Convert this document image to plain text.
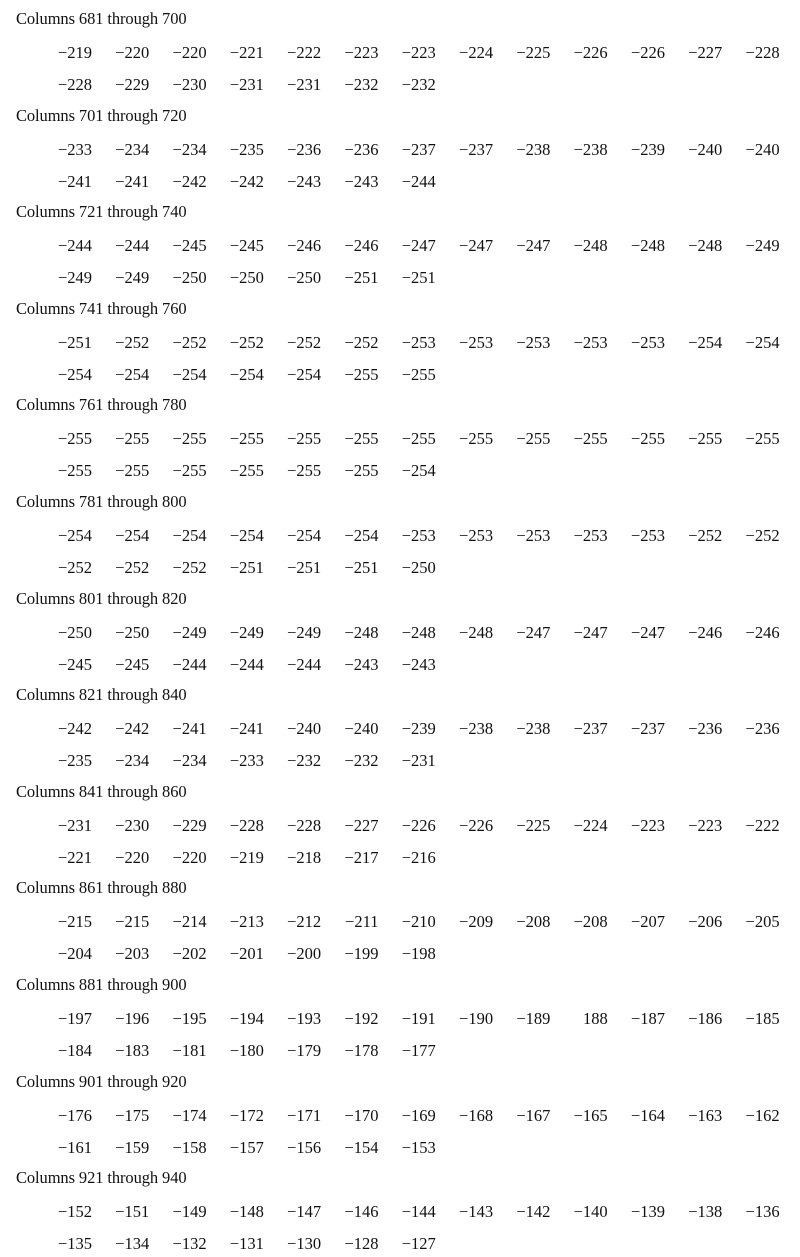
Columns 681 through 700
−219	−220	−220	−221	−222	−223	−223	−224	−225	−226	−226	−227	−228
−228	−229	−230	−231	−231	−232	−232
Columns 701 through 720
−233	−234	−234	−235	−236	−236	−237	−237	−238	−238	−239	−240	−240
−241	−241	−242	−242	−243	−243	−244
Columns 721 through 740
−244	−244	−245	−245	−246	−246	−247	−247	−247	−248	−248	−248	−249
−249	−249	−250	−250	−250	−251	−251
Columns 741 through 760
−251	−252	−252	−252	−252	−252	−253	−253	−253	−253	−253	−254	−254
−254	−254	−254	−254	−254	−255	−255
Columns 761 through 780
−255	−255	−255	−255	−255	−255	−255	−255	−255	−255	−255	−255	−255
−255	−255	−255	−255	−255	−255	−254
Columns 781 through 800
−254	−254	−254	−254	−254	−254	−253	−253	−253	−253	−253	−252	−252
−252	−252	−252	−251	−251	−251	−250
Columns 801 through 820
−250	−250	−249	−249	−249	−248	−248	−248	−247	−247	−247	−246	−246
−245	−245	−244	−244	−244	−243	−243
Columns 821 through 840
−242	−242	−241	−241	−240	−240	−239	−238	−238	−237	−237	−236	−236
−235	−234	−234	−233	−232	−232	−231
Columns 841 through 860
−231	−230	−229	−228	−228	−227	−226	−226	−225	−224	−223	−223	−222
−221	−220	−220	−219	−218	−217	−216
Columns 861 through 880
−215	−215	−214	−213	−212	−211	−210	−209	−208	−208	−207	−206	−205
−204	−203	−202	−201	−200	−199	−198
Columns 881 through 900
−197	−196	−195	−194	−193	−192	−191	−190	−189	188	−187	−186	−185
−184	−183	−181	−180	−179	−178	−177
Columns 901 through 920
−176	−175	−174	−172	−171	−170	−169	−168	−167	−165	−164	−163	−162
−161	−159	−158	−157	−156	−154	−153
Columns 921 through 940
−152	−151	−149	−148	−147	−146	−144	−143	−142	−140	−139	−138	−136
−135	−134	−132	−131	−130	−128	−127
